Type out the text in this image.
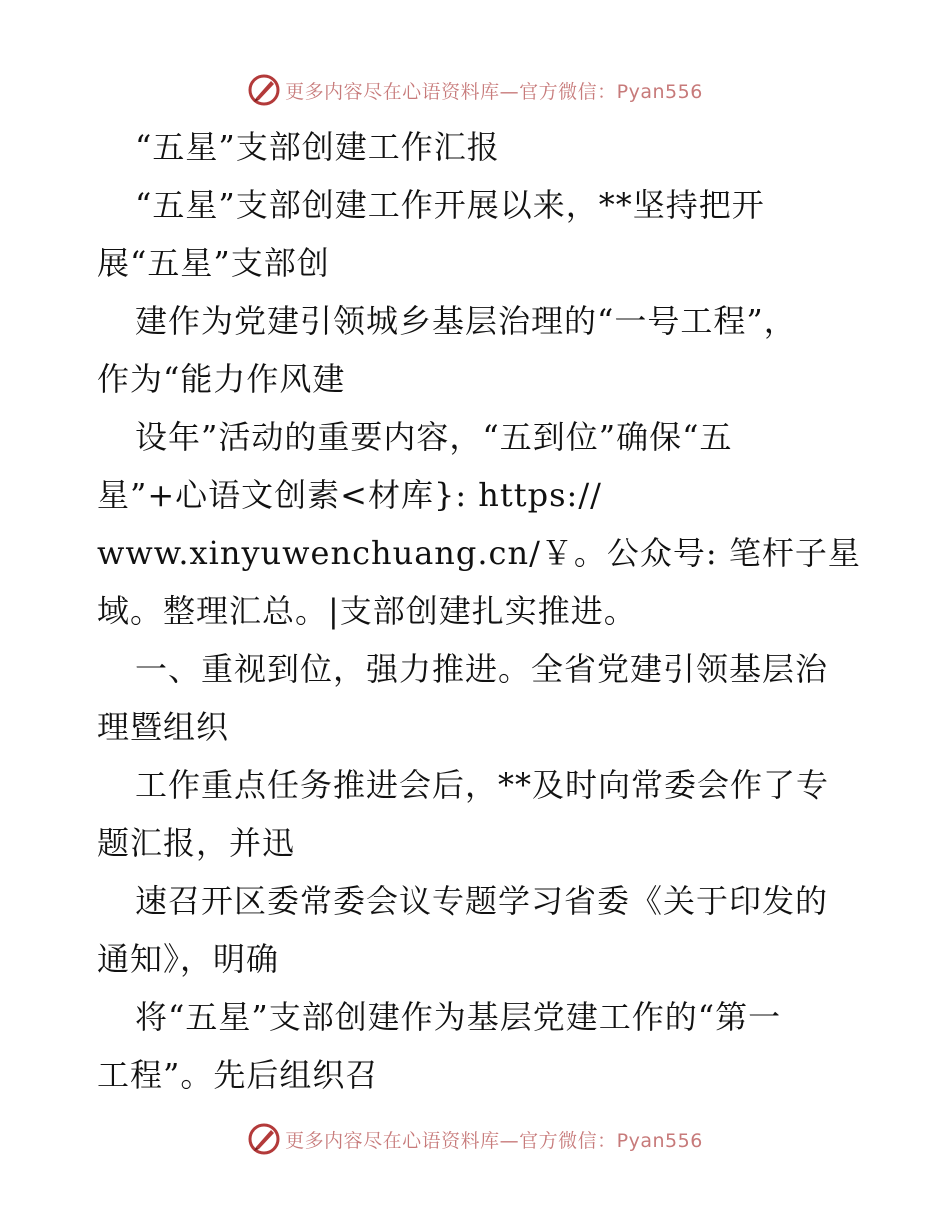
更多内容尽在心语资料库—官方微信：Pyan556
“五星”支部创建工作汇报
“五星”支部创建工作开展以来，**坚持把开
展“五星”支部创
建作为党建引领城乡基层治理的“一号工程”，
作为“能力作风建
设年”活动的重要内容，“五到位”确保“五
星”+心语文创素<材库}: https://
www.xinyuwenchuang.cn/￥。公众号: 笔杆子星
域。整理汇总。|支部创建扎实推进。
一、重视到位，强力推进。全省党建引领基层治
理暨组织
工作重点任务推进会后，**及时向常委会作了专
题汇报，并迅
速召开区委常委会议专题学习省委《关于印发的
通知》，明确
将“五星”支部创建作为基层党建工作的“第一
工程”。先后组织召
更多内容尽在心语资料库—官方微信：Pyan556
